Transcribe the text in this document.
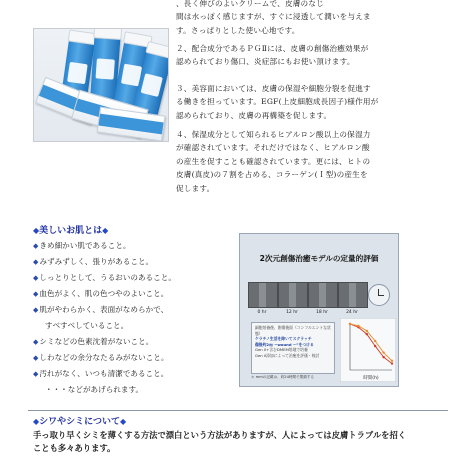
、長く伸びのよいクリームで、皮膚のなじ

間は水っぽく感じますが、すぐに浸透して潤いを与えま

す。さっぱりとした使い心地です。

２、配合成分であるＰＧⅡには、皮膚の創傷治癒効果が

認められており傷口、炎症部にもお使い頂けます。

３、美容面においては、皮膚の保湿や細胞分裂を促進す

る働きを担っています。EGF(上皮細胞成長因子)様作用が

認められており、皮膚の再構築を促します。

４、保湿成分として知られるヒアルロン酸以上の保湿力

が確認されています。それだけではなく、ヒアルロン酸

の産生を促すことも確認されています。更には、ヒトの

皮膚(真皮)の７割を占める、コラーゲン(Ｉ型)の産生を

促します。

◆美しいお肌とは◆
◆きめ細かい肌であること。
◆みずみずしく、張りがあること。
◆しっとりとして、うるおいのあること。
◆血色がよく、肌の色つやのよいこと。
◆肌がやわらかく、表面がなめらかで、
すべすべしていること。
◆シミなどの色素沈着がないこと。
◆しわなどの余分なたるみがないこと。
◆汚れがなく、いつも清潔であること。
・・・などがあげられます。
2次元創傷治癒モデルの定量的評価
0 hr	12 hr	18 hr	24 hr
細胞培養後、創傷後面（コンフルエントな状態）
ケラチノ生活を除いてスクラッチ
傷後約2㎝ ~wound ~”をつける
Gen II+含むDMEM培地で培養
Gen II添加によって治癒を評価・検討
＊ mmの記載は、約24時間で閉鎖する	時間(h)
◆シワやシミについて◆
手っ取り早くシミを薄くする方法で漂白という方法がありますが、人によっては皮膚トラブルを招く
ことも多々あります。
